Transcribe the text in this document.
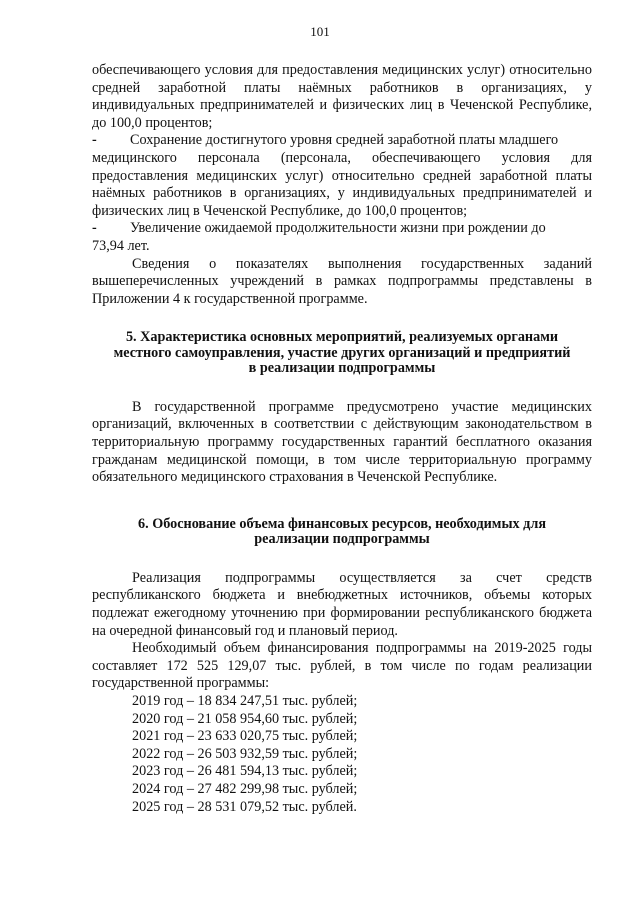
101

обеспечивающего условия для предоставления медицинских услуг) относительно средней заработной платы наёмных работников в организациях, у индивидуальных предпринимателей и физических лиц в Чеченской Республике, до 100,0 процентов;

-	Сохранение достигнутого уровня средней заработной платы младшего

медицинского персонала (персонала, обеспечивающего условия для предоставления медицинских услуг) относительно средней заработной платы наёмных работников в организациях, у индивидуальных предпринимателей и физических лиц в Чеченской Республике, до 100,0 процентов;

-	Увеличение ожидаемой продолжительности жизни при рождении до

73,94 лет.

Сведения о показателях выполнения государственных заданий вышеперечисленных учреждений в рамках подпрограммы представлены в Приложении 4 к государственной программе.

5. Характеристика основных мероприятий, реализуемых органами
местного самоуправления, участие других организаций и предприятий
в реализации подпрограммы

В государственной программе предусмотрено участие медицинских организаций, включенных в соответствии с действующим законодательством в территориальную программу государственных гарантий бесплатного оказания гражданам медицинской помощи, в том числе территориальную программу обязательного медицинского страхования в Чеченской Республике.

6. Обоснование объема финансовых ресурсов, необходимых для
реализации подпрограммы

Реализация подпрограммы осуществляется за счет средств республиканского бюджета и внебюджетных источников, объемы которых подлежат ежегодному уточнению при формировании республиканского бюджета на очередной финансовый год и плановый период.

Необходимый объем финансирования подпрограммы на 2019-2025 годы составляет 172 525 129,07 тыс. рублей, в том числе по годам реализации государственной программы:

2019 год – 18 834 247,51 тыс. рублей;
2020 год – 21 058 954,60 тыс. рублей;
2021 год – 23 633 020,75 тыс. рублей;
2022 год – 26 503 932,59 тыс. рублей;
2023 год – 26 481 594,13 тыс. рублей;
2024 год – 27 482 299,98 тыс. рублей;
2025 год – 28 531 079,52 тыс. рублей.
